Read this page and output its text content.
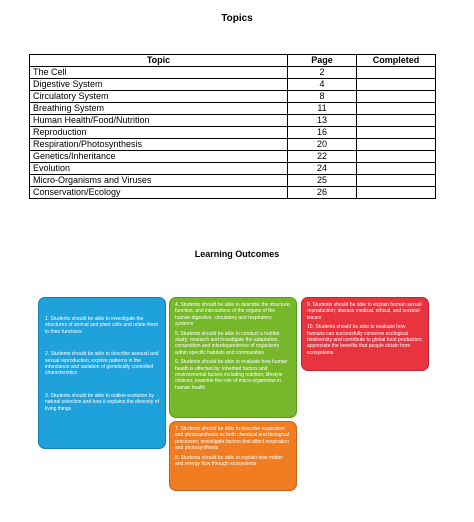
Topics
Topic	Page	Completed
The Cell	2	
Digestive System	4	
Circulatory System	8	
Breathing System	11	
Human Health/Food/Nutrition	13	
Reproduction	16	
Respiration/Photosynthesis	20	
Genetics/Inheritance	22	
Evolution	24	
Micro-Organisms and Viruses	25	
Conservation/Ecology	26	
Learning Outcomes

1. Students should be able to investigate the structures of animal and plant cells and relate them to their functions

2. Students should be able to describe asexual and sexual reproduction; explore patterns in the inheritance and variation of genetically controlled characteristics

3. Students should be able to outline evolution by natural selection and how it explains the diversity of living things

4. Students should be able to describe the structure, function, and interactions of the organs of the human digestive, circulatory and respiratory systems

5. Students should be able to conduct a habitat study; research and investigate the adaptation, competition and interdependence of organisms within specific habitats and communities

6. Students should be able to evaluate how human health is affected by: inherited factors and environmental factors including nutrition; lifestyle choices; examine the role of micro-organisms in human health

7. Students should be able to describe respiration and photosynthesis as both chemical and biological processes; investigate factors that affect respiration and photosynthesis

8. Students should be able to explain how matter and energy flow through ecosystems

9. Students should be able to explain human sexual reproduction; discuss medical, ethical, and societal issues

10. Students should be able to evaluate how humans can successfully conserve ecological biodiversity and contribute to global food production; appreciate the benefits that people obtain from ecosystems
